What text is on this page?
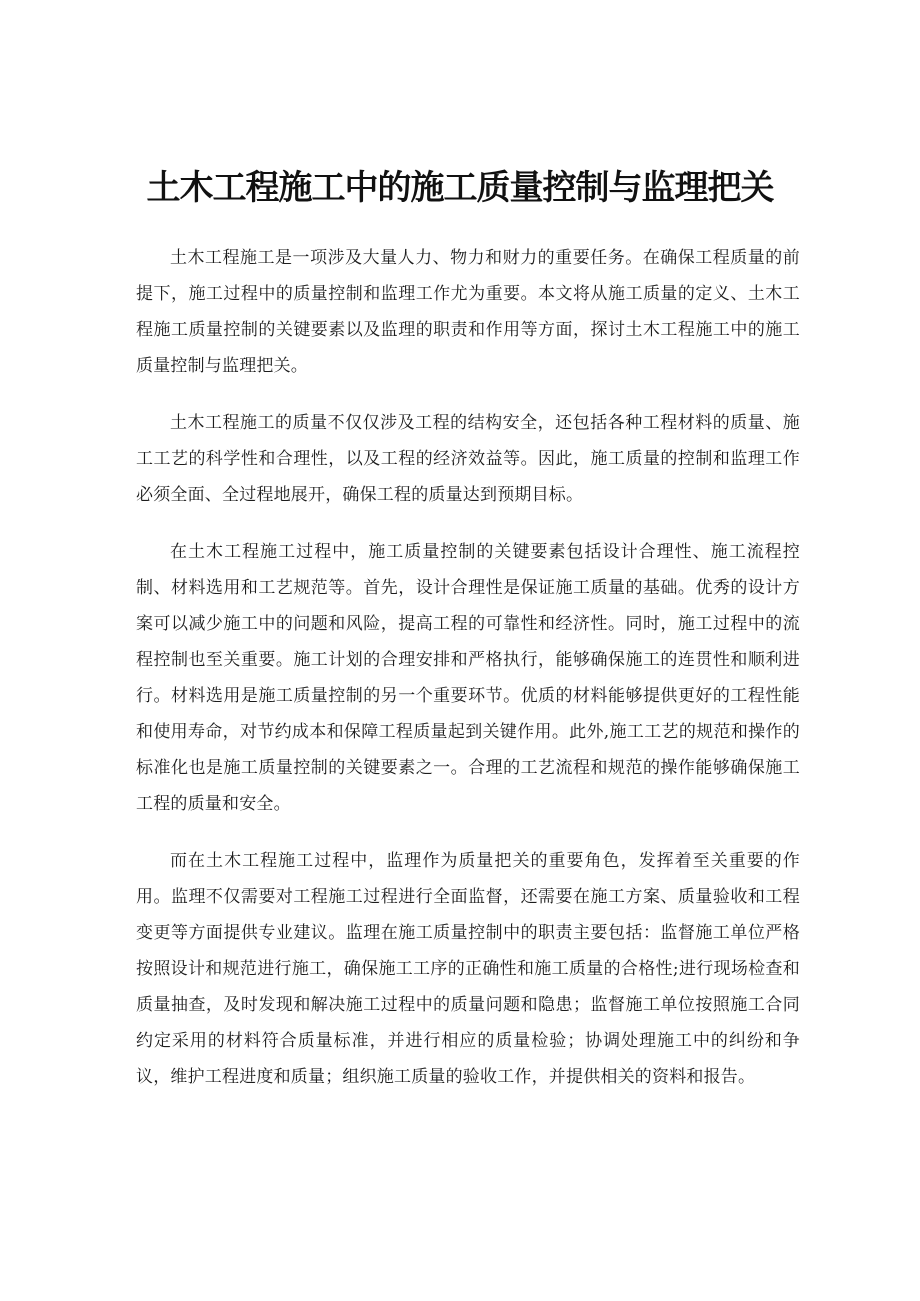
土木工程施工中的施工质量控制与监理把关

土木工程施工是一项涉及大量人力、物力和财力的重要任务。在确保工程质量的前提下，施工过程中的质量控制和监理工作尤为重要。本文将从施工质量的定义、土木工程施工质量控制的关键要素以及监理的职责和作用等方面，探讨土木工程施工中的施工质量控制与监理把关。

土木工程施工的质量不仅仅涉及工程的结构安全，还包括各种工程材料的质量、施工工艺的科学性和合理性，以及工程的经济效益等。因此，施工质量的控制和监理工作必须全面、全过程地展开，确保工程的质量达到预期目标。

在土木工程施工过程中，施工质量控制的关键要素包括设计合理性、施工流程控制、材料选用和工艺规范等。首先，设计合理性是保证施工质量的基础。优秀的设计方案可以减少施工中的问题和风险，提高工程的可靠性和经济性。同时，施工过程中的流程控制也至关重要。施工计划的合理安排和严格执行，能够确保施工的连贯性和顺利进行。材料选用是施工质量控制的另一个重要环节。优质的材料能够提供更好的工程性能和使用寿命，对节约成本和保障工程质量起到关键作用。此外,施工工艺的规范和操作的标准化也是施工质量控制的关键要素之一。合理的工艺流程和规范的操作能够确保施工工程的质量和安全。

而在土木工程施工过程中，监理作为质量把关的重要角色，发挥着至关重要的作用。监理不仅需要对工程施工过程进行全面监督，还需要在施工方案、质量验收和工程变更等方面提供专业建议。监理在施工质量控制中的职责主要包括：监督施工单位严格按照设计和规范进行施工，确保施工工序的正确性和施工质量的合格性;进行现场检查和质量抽查，及时发现和解决施工过程中的质量问题和隐患；监督施工单位按照施工合同约定采用的材料符合质量标准，并进行相应的质量检验；协调处理施工中的纠纷和争议，维护工程进度和质量；组织施工质量的验收工作，并提供相关的资料和报告。
